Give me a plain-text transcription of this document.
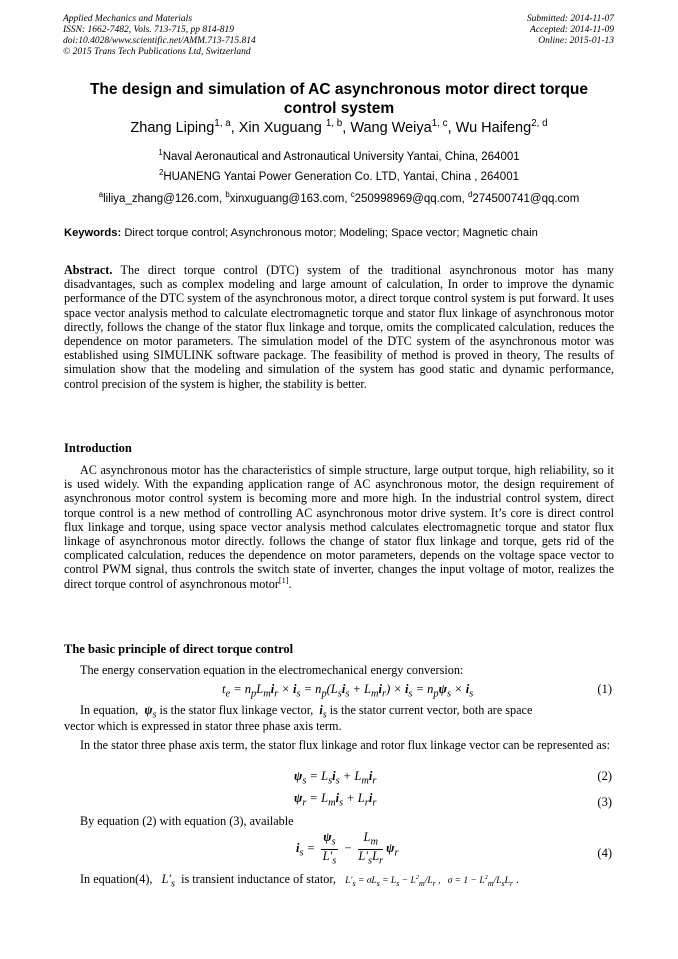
Applied Mechanics and Materials
ISSN: 1662-7482, Vols. 713-715, pp 814-819
doi:10.4028/www.scientific.net/AMM.713-715.814
© 2015 Trans Tech Publications Ltd, Switzerland
Submitted: 2014-11-07
Accepted: 2014-11-09
Online: 2015-01-13
The design and simulation of AC asynchronous motor direct torque control system
Zhang Liping$^{1, a}$, Xin Xuguang $^{1, b}$, Wang Weiya$^{1, c}$, Wu Haifeng$^{2, d}$
$^1$Naval Aeronautical and Astronautical University Yantai, China, 264001
$^2$HUANENG Yantai Power Generation Co. LTD, Yantai, China , 264001
$^a$liliya_zhang@126.com, $^b$xinxuguang@163.com, $^c$250998969@qq.com, $^d$274500741@qq.com
Keywords: Direct torque control; Asynchronous motor; Modeling; Space vector; Magnetic chain
Abstract. The direct torque control (DTC) system of the traditional asynchronous motor has many disadvantages, such as complex modeling and large amount of calculation, In order to improve the dynamic performance of the DTC system of the asynchronous motor, a direct torque control system is put forward. It uses space vector analysis method to calculate electromagnetic torque and stator flux linkage of asynchronous motor directly, follows the change of the stator flux linkage and torque, omits the complicated calculation, reduces the dependence on motor parameters. The simulation model of the DTC system of the asynchronous motor was established using SIMULINK software package. The feasibility of method is proved in theory, The results of simulation show that the modeling and simulation of the system has good static and dynamic performance, control precision of the system is higher, the stability is better.
Introduction
AC asynchronous motor has the characteristics of simple structure, large output torque, high reliability, so it is used widely. With the expanding application range of AC asynchronous motor, the design requirement of asynchronous motor control system is becoming more and more high. In the industrial control system, direct torque control is a new method of controlling AC asynchronous motor drive system. It’s core is direct control flux linkage and torque, using space vector analysis method calculates electromagnetic torque and stator flux linkage of asynchronous motor directly. follows the change of stator flux linkage and torque, gets rid of the complicated calculation, reduces the dependence on motor parameters, depends on the voltage space vector to control PWM signal, thus controls the switch state of inverter, changes the input voltage of motor, realizes the direct torque control of asynchronous motor[1].
The basic principle of direct torque control
The energy conservation equation in the electromechanical energy conversion:
$t_e = n_pL_mi_r \times i_s = n_p(L_si_s + L_mi_r) \times i_s = n_p\psi_s \times i_s$	(1)
In equation, $\psi_s$ is the stator flux linkage vector, $i_s$ is the stator current vector, both are space
vector which is expressed in stator three phase axis term.
In the stator three phase axis term, the stator flux linkage and rotor flux linkage vector can be represented as:
$\psi_s = L_si_s + L_mi_r$	(2)
$\psi_r = L_mi_s + L_ri_r$	(3)
By equation (2) with equation (3), available
$i_s = \frac{\psi_s}{L'_s} - \frac{L_m}{L'_sL_r} \psi_r$	(4)
In equation(4), $L'_s$ is transient inductance of stator, $L'_s = \sigma L_s = L_s - L^2_m/L_r$ ,   $\sigma = 1 - L^2_m/L_sL_r$ .
